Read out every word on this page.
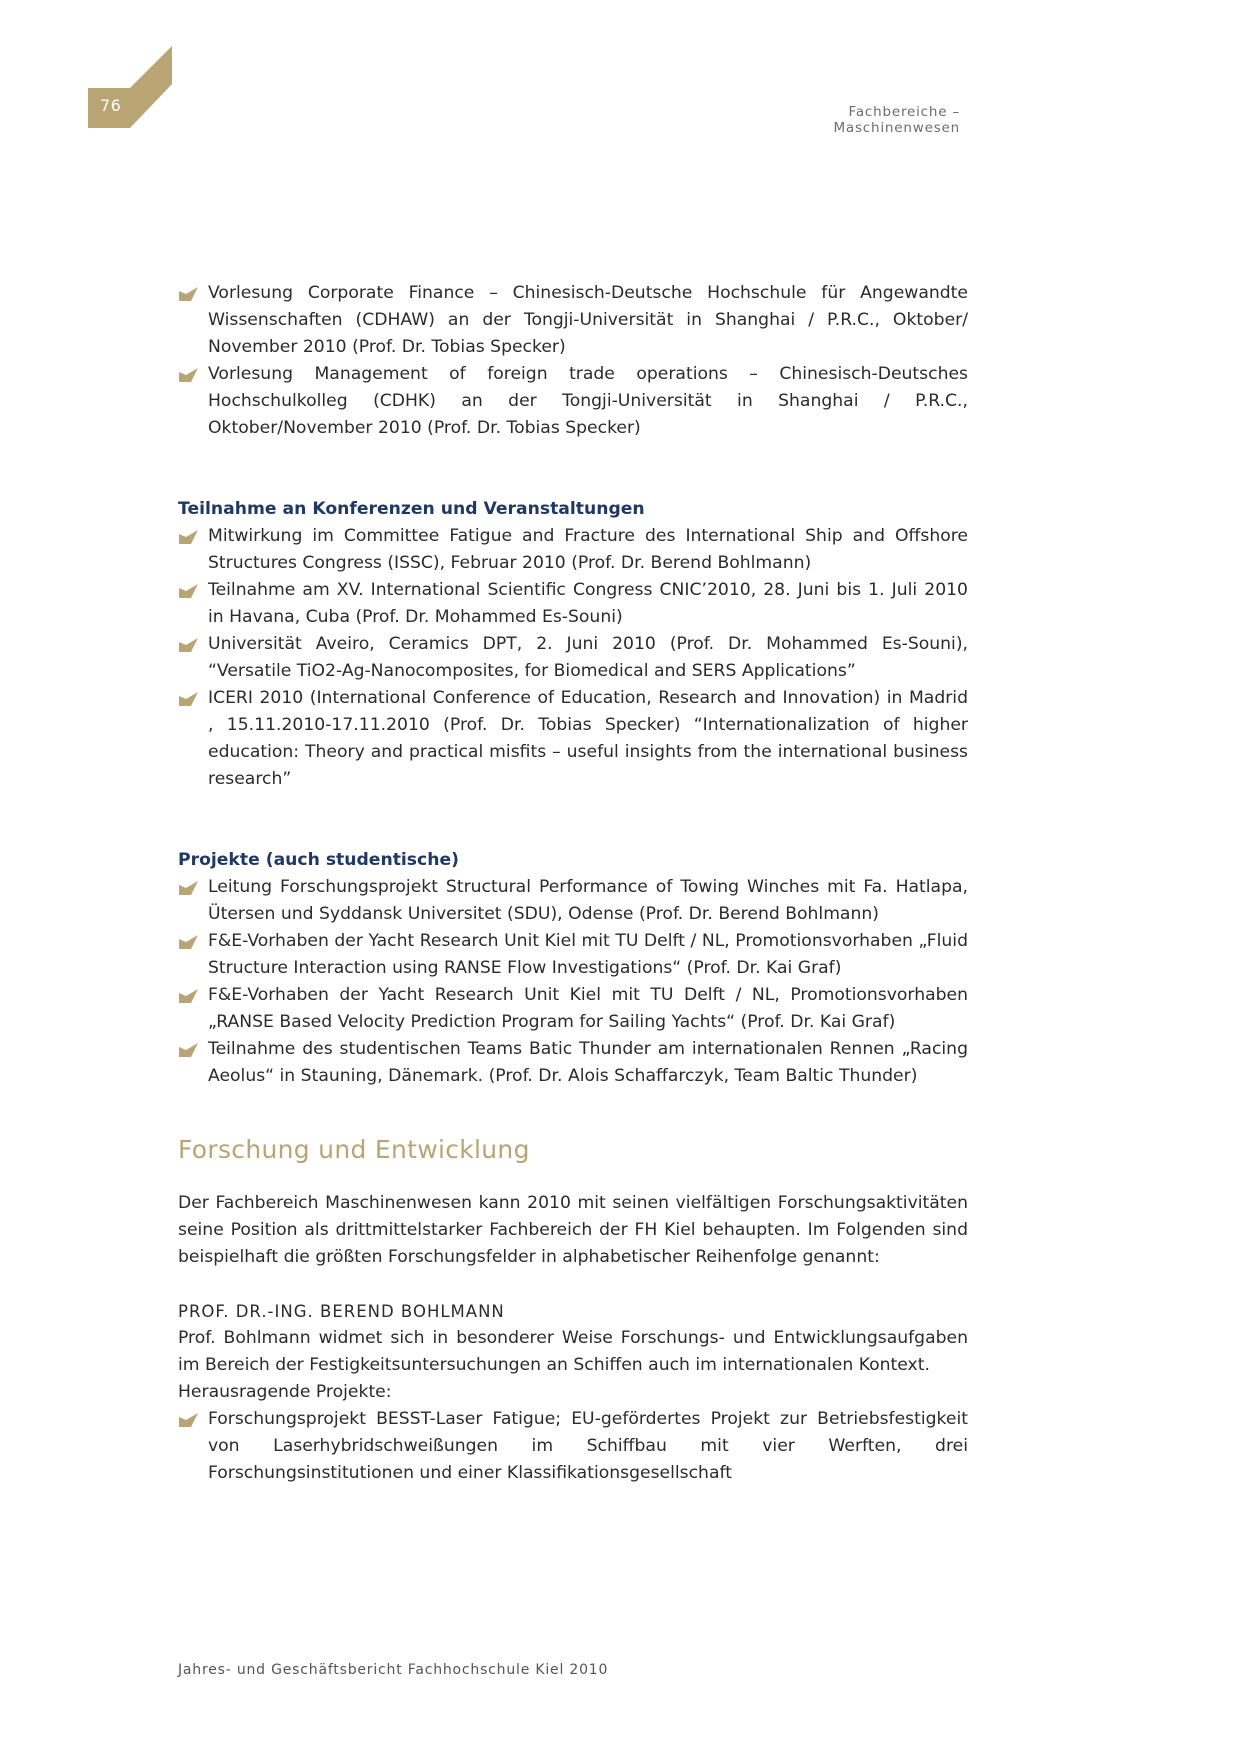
76	Fachbereiche – Maschinenwesen
Vorlesung Corporate Finance – Chinesisch-Deutsche Hochschule für Angewandte Wissenschaften (CDHAW) an der Tongji-Universität in Shanghai / P.R.C., Oktober/ November 2010 (Prof. Dr. Tobias Specker)
Vorlesung Management of foreign trade operations – Chinesisch-Deutsches Hochschulkolleg (CDHK) an der Tongji-Universität in Shanghai / P.R.C., Oktober/November 2010 (Prof. Dr. Tobias Specker)
Teilnahme an Konferenzen und Veranstaltungen
Mitwirkung im Committee Fatigue and Fracture des International Ship and Offshore Structures Congress (ISSC), Februar 2010 (Prof. Dr. Berend Bohlmann)
Teilnahme am XV. International Scientific Congress CNIC’2010, 28. Juni bis 1. Juli 2010 in Havana, Cuba (Prof. Dr. Mohammed Es-Souni)
Universität Aveiro, Ceramics DPT, 2. Juni 2010 (Prof. Dr. Mohammed Es-Souni), “Versatile TiO2-Ag-Nanocomposites, for Biomedical and SERS Applications”
ICERI 2010 (International Conference of Education, Research and Innovation) in Madrid , 15.11.2010-17.11.2010 (Prof. Dr. Tobias Specker) “Internationalization of higher education: Theory and practical misfits – useful insights from the international business research”
Projekte (auch studentische)
Leitung Forschungsprojekt Structural Performance of Towing Winches mit Fa. Hatlapa, Ütersen und Syddansk Universitet (SDU), Odense (Prof. Dr. Berend Bohlmann)
F&E-Vorhaben der Yacht Research Unit Kiel mit TU Delft / NL, Promotionsvorhaben „Fluid Structure Interaction using RANSE Flow Investigations“ (Prof. Dr. Kai Graf)
F&E-Vorhaben der Yacht Research Unit Kiel mit TU Delft / NL, Promotionsvorhaben „RANSE Based Velocity Prediction Program for Sailing Yachts“ (Prof. Dr. Kai Graf)
Teilnahme des studentischen Teams Batic Thunder am internationalen Rennen „Racing Aeolus“ in Stauning, Dänemark. (Prof. Dr. Alois Schaffarczyk, Team Baltic Thunder)
Forschung und Entwicklung
Der Fachbereich Maschinenwesen kann 2010 mit seinen vielfältigen Forschungsaktivitäten seine Position als drittmittelstarker Fachbereich der FH Kiel behaupten. Im Folgenden sind beispielhaft die größten Forschungsfelder in alphabetischer Reihenfolge genannt:
PROF. DR.-ING. BEREND BOHLMANN
Prof. Bohlmann widmet sich in besonderer Weise Forschungs- und Entwicklungsaufgaben im Bereich der Festigkeitsuntersuchungen an Schiffen auch im internationalen Kontext.
Herausragende Projekte:
Forschungsprojekt BESST-Laser Fatigue; EU-gefördertes Projekt zur Betriebsfestigkeit von Laserhybridschweißungen im Schiffbau mit vier Werften, drei Forschungsinstitutionen und einer Klassifikationsgesellschaft
Jahres- und Geschäftsbericht Fachhochschule Kiel 2010
